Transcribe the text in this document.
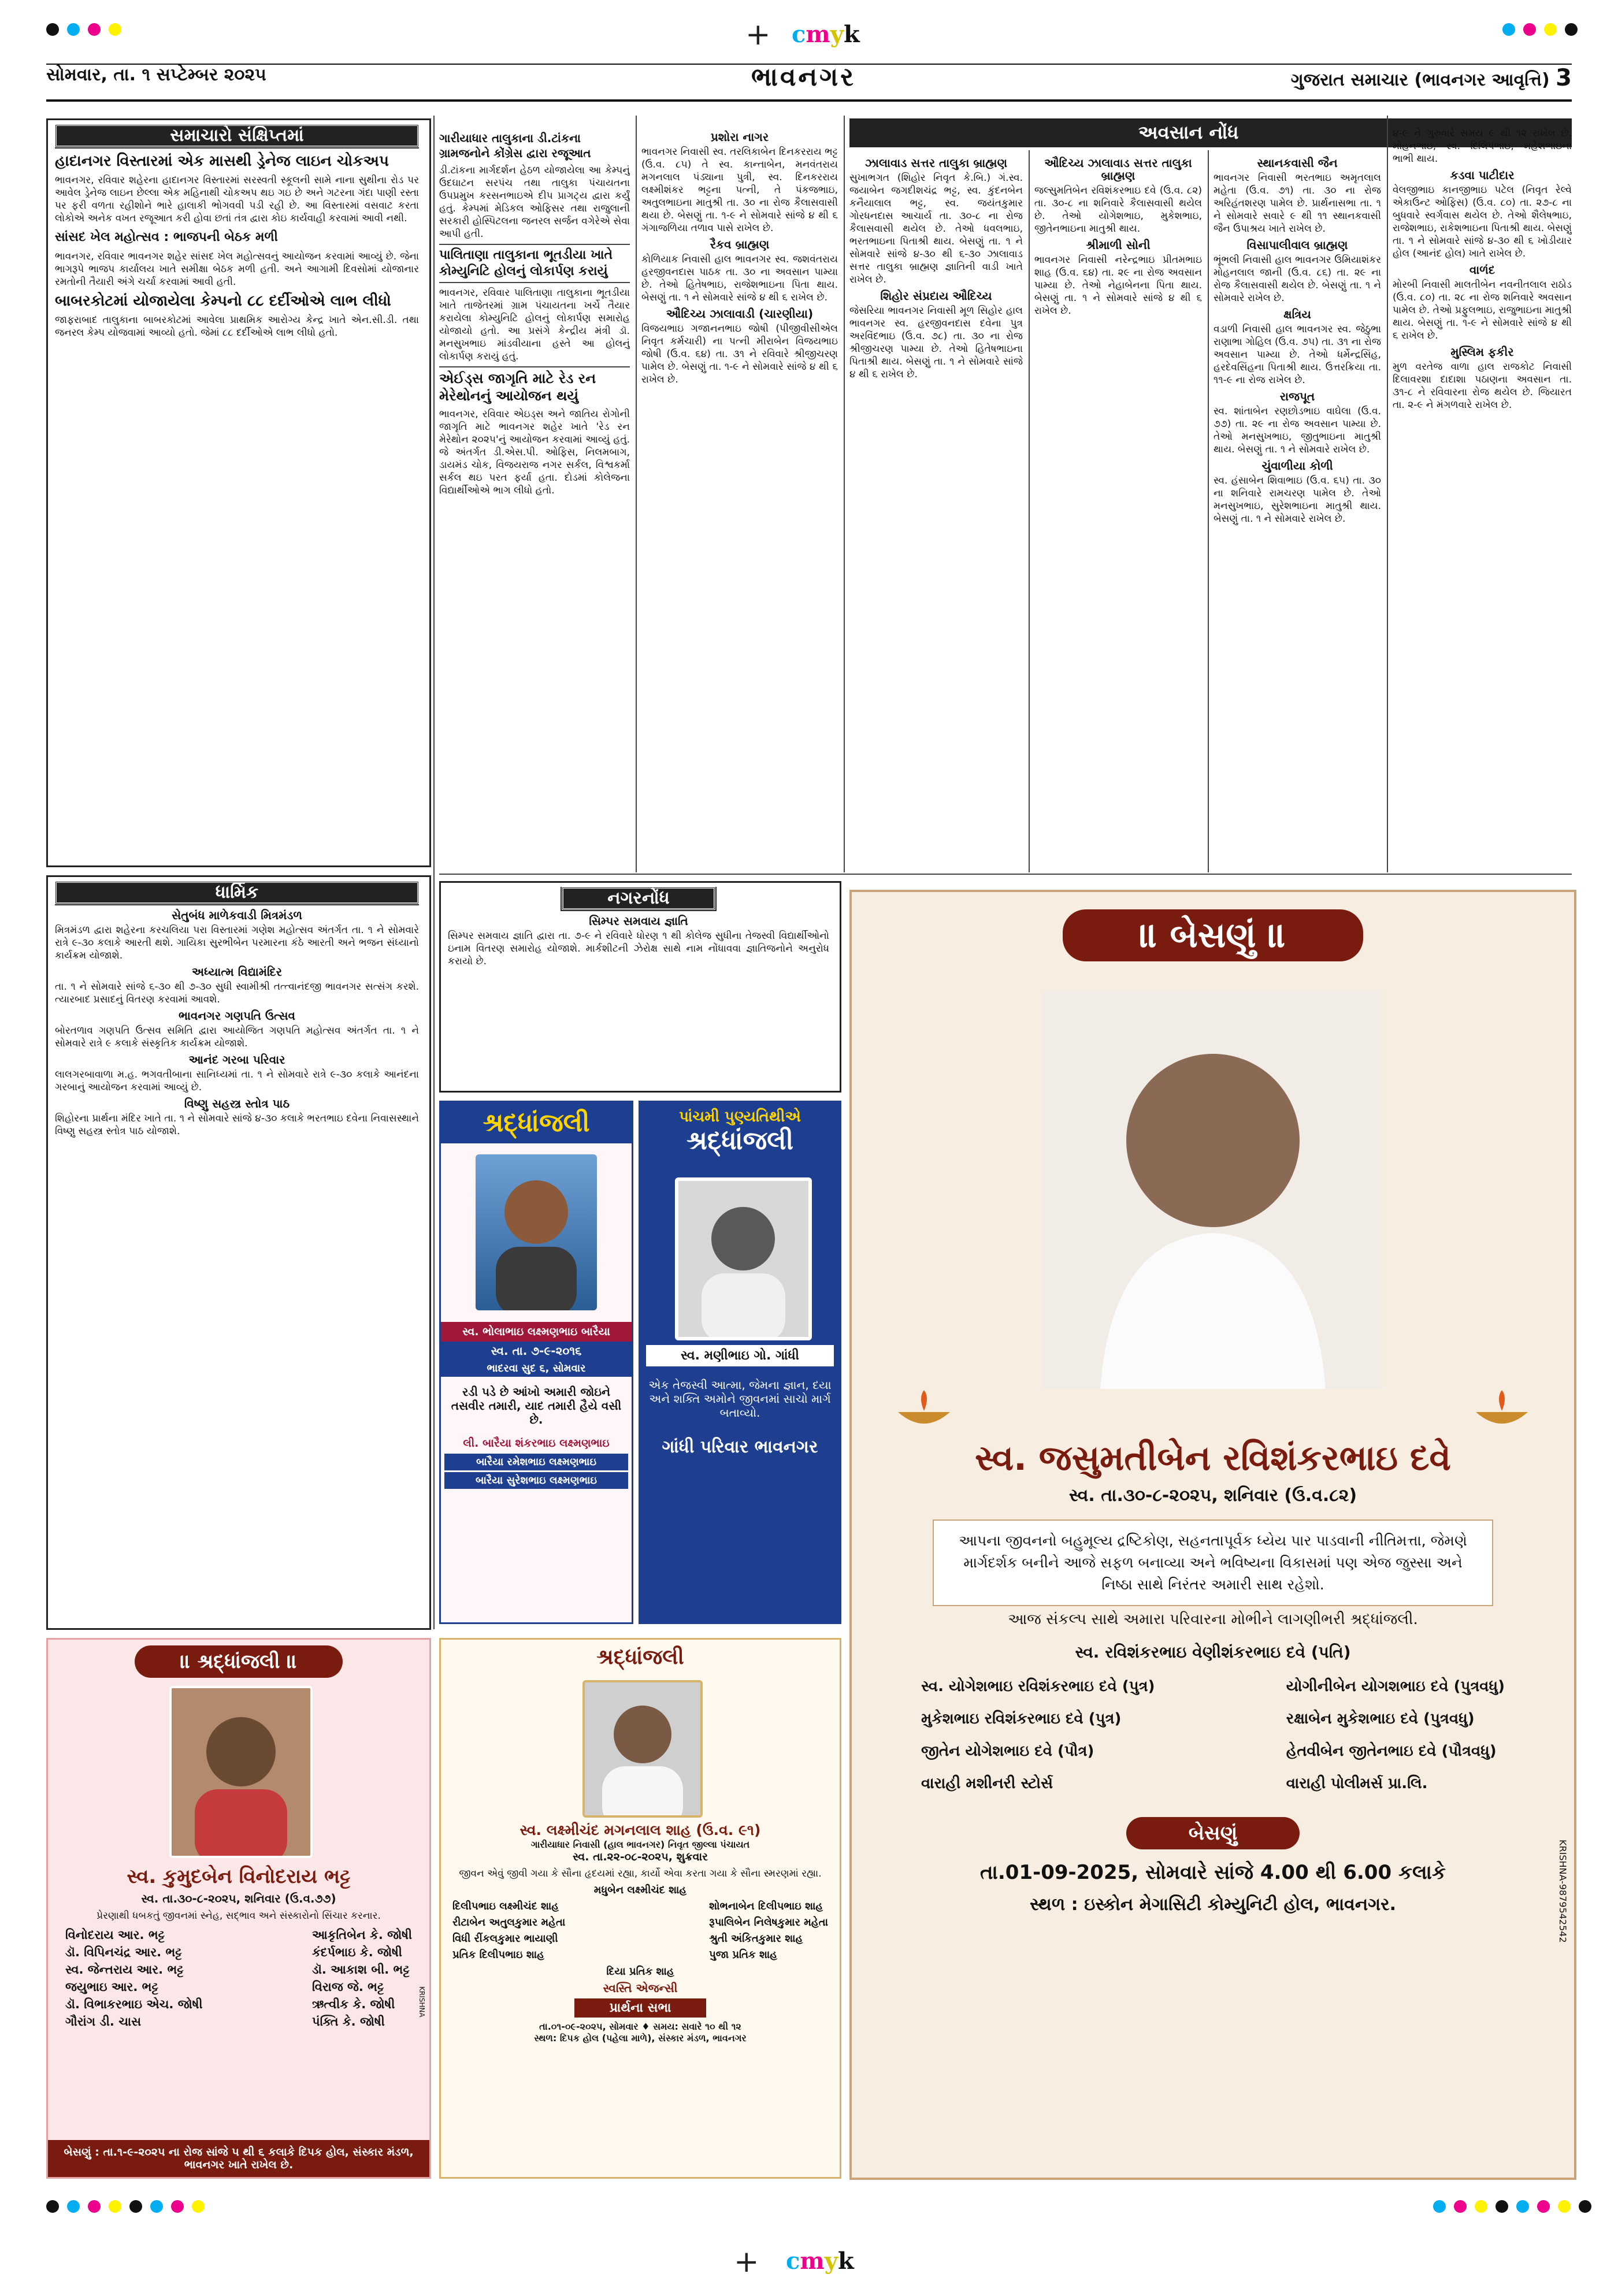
+ cmyk
+ cmyk
સોમવાર, તા. ૧ સપ્ટેમ્બર ૨૦૨૫	ભાવનગર	ગુજરાત સમાચાર (ભાવનગર આવૃત્તિ) 3
સમાચારો સંક્ષિપ્તમાં
હાદાનગર વિસ્તારમાં એક માસથી ડ્રેનેજ લાઇન ચોકઅપ

ભાવનગર, રવિવાર શહેરના હાદાનગર વિસ્તારમાં સરસ્વતી સ્કૂલની સામે નાના સુથીના રોડ પર આવેલ ડ્રેનેજ લાઇન છેલ્લા એક મહિનાથી ચોકઅપ થઇ ગઇ છે અને ગટરના ગંદા પાણી રસ્તા પર ફરી વળતા રહીશોને ભારે હાલાકી ભોગવવી પડી રહી છે. આ વિસ્તારમાં વસવાટ કરતા લોકોએ અનેક વખત રજૂઆત કરી હોવા છતાં તંત્ર દ્વારા કોઇ કાર્યવાહી કરવામાં આવી નથી.

સાંસદ ખેલ મહોત્સવ : ભાજપની બેઠક મળી

ભાવનગર, રવિવાર ભાવનગર શહેર સાંસદ ખેલ મહોત્સવનું આયોજન કરવામાં આવ્યું છે. જેના ભાગરૂપે ભાજપ કાર્યાલય ખાતે સમીક્ષા બેઠક મળી હતી. અને આગામી દિવસોમાં યોજાનાર રમતોની તૈયારી અંગે ચર્ચા કરવામાં આવી હતી.

બાબરકોટમાં યોજાયેલા કેમ્પનો ૮૮ દર્દીઓએ લાભ લીધો

જાફરાબાદ તાલુકાના બાબરકોટમાં આવેલા પ્રાથમિક આરોગ્ય કેન્દ્ર ખાતે એન.સી.ડી. તથા જનરલ કેમ્પ યોજવામાં આવ્યો હતો. જેમાં ૮૮ દર્દીઓએ લાભ લીધો હતો.

ધાર્મિક
સેતુબંધ માળેકવાડી મિત્રમંડળ

મિત્રમંડળ દ્વારા શહેરના કરચલિયા પરા વિસ્તારમાં ગણેશ મહોત્સવ અંતર્ગત તા. ૧ ને સોમવારે રાત્રે ૯-૩૦ કલાકે આરતી થશે. ગાયિકા સુરભીબેન પરમારના કંઠે આરતી અને ભજન સંધ્યાનો કાર્યક્રમ યોજાશે.

અધ્યાત્મ વિદ્યામંદિર

તા. ૧ ને સોમવારે સાંજે ૬-૩૦ થી ૭-૩૦ સુધી સ્વામીશ્રી તત્ત્વાનંદજી ભાવનગર સત્સંગ કરશે. ત્યારબાદ પ્રસાદનું વિતરણ કરવામાં આવશે.

ભાવનગર ગણપતિ ઉત્સવ

બોરતળાવ ગણપતિ ઉત્સવ સમિતિ દ્વારા આયોજિત ગણપતિ મહોત્સવ અંતર્ગત તા. ૧ ને સોમવારે રાત્રે ૯ કલાકે સંસ્કૃતિક કાર્યક્રમ યોજાશે.

આનંદ ગરબા પરિવાર

લાલગરબાવાળા મ.હ. ભગવતીબાના સાનિધ્યમાં તા. ૧ ને સોમવારે રાત્રે ૯-૩૦ કલાકે આનંદના ગરબાનું આયોજન કરવામાં આવ્યું છે.

વિષ્ણુ સહસ્ત્ર સ્તોત્ર પાઠ

શિહોરના પ્રાર્થના મંદિર ખાતે તા. ૧ ને સોમવારે સાંજે ૪-૩૦ કલાકે ભરતભાઇ દવેના નિવાસસ્થાને વિષ્ણુ સહસ્ત્ર સ્તોત્ર પાઠ યોજાશે.

ગારીયાધાર તાલુકાના ડી.ટાંકના ગ્રામજનોને કોંગ્રેસ દ્વારા રજૂઆત

ડી.ટાંકના માર્ગદર્શન હેઠળ યોજાયેલા આ કેમ્પનું ઉદઘાટન સરપંચ તથા તાલુકા પંચાયતના ઉપપ્રમુખ કરસનભાઇએ દીપ પ્રાગટ્ય દ્વારા કર્યું હતું. કેમ્પમાં મેડિકલ ઓફિસર તથા રાજુલાની સરકારી હોસ્પિટલના જનરલ સર્જન વગેરેએ સેવા આપી હતી.

પાલિતાણા તાલુકાના ભૂતડીયા ખાતે કોમ્યુનિટિ હોલનું લોકાર્પણ કરાયું

ભાવનગર, રવિવાર પાલિતાણા તાલુકાના ભૂતડીયા ખાતે તાજેતરમાં ગ્રામ પંચાયતના ખર્ચે તૈયાર કરાયેલા કોમ્યુનિટિ હોલનું લોકાર્પણ સમારોહ યોજાયો હતો. આ પ્રસંગે કેન્દ્રીય મંત્રી ડૉ. મનસુખભાઇ માંડવીયાના હસ્તે આ હોલનું લોકાર્પણ કરાયું હતું.

એઈડ્સ જાગૃતિ માટે રેડ રન મેરેથોનનું આયોજન થયું

ભાવનગર, રવિવાર એઇડ્સ અને જાતિય રોગોની જાગૃતિ માટે ભાવનગર શહેર ખાતે 'રેડ રન મેરેથોન ૨૦૨૫'નું આયોજન કરવામાં આવ્યું હતું. જે અંતર્ગત ડી.એસ.પી. ઓફિસ, નિલમબાગ, ડાયમંડ ચોક, વિજયરાજ નગર સર્કલ, વિશ્વકર્મા સર્કલ થઇ પરત ફર્યા હતા. દોડમાં કોલેજના વિદ્યાર્થીઓએ ભાગ લીધો હતો.

પ્રશોરા નાગર

ભાવનગર નિવાસી સ્વ. તરલિકાબેન દિનકરરાય ભટ્ટ (ઉ.વ. ૮૫) તે સ્વ. કાન્તાબેન, મનવંતરાય મગનલાલ પંડ્યાના પુત્રી, સ્વ. દિનકરરાય લક્ષ્મીશંકર ભટ્ટના પત્ની, તે પંકજભાઇ, અતુલભાઇના માતુશ્રી તા. ૩૦ ના રોજ કૈલાસવાસી થયા છે. બેસણું તા. ૧-૯ ને સોમવારે સાંજે ૪ થી ૬ ગંગાજળિયા તળાવ પાસે રાખેલ છે.

રૈકવ બ્રાહ્મણ

કોળિયાક નિવાસી હાલ ભાવનગર સ્વ. જશવંતરાય હરજીવનદાસ પાઠક તા. ૩૦ ના અવસાન પામ્યા છે. તેઓ હિતેષભાઇ, રાજેશભાઇના પિતા થાય. બેસણું તા. ૧ ને સોમવારે સાંજે ૪ થી ૬ રાખેલ છે.

ઔદિચ્ય ઝાલાવાડી (ચારણીયા)

વિજયભાઇ ગજાનનભાઇ જોષી (પીજીવીસીએલ નિવૃત કર્મચારી) ના પત્ની મીરાબેન વિજયભાઇ જોષી (ઉ.વ. ૬૪) તા. ૩૧ ને રવિવારે શ્રીજીચરણ પામેલ છે. બેસણું તા. ૧-૯ ને સોમવારે સાંજે ૪ થી ૬ રાખેલ છે.

નગરનોંધ
સિમ્પર સમવાય જ્ઞાતિ

સિમ્પર સમવાય જ્ઞાતિ દ્વારા તા. ૭-૯ ને રવિવારે ધોરણ ૧ થી કોલેજ સુધીના તેજસ્વી વિદ્યાર્થીઓનો ઇનામ વિતરણ સમારોહ યોજાશે. માર્કશીટની ઝેરોક્ષ સાથે નામ નોંધાવવા જ્ઞાતિજનોને અનુરોધ કરાયો છે.

અવસાન નોંધ
ઝાલાવાડ સત્તર તાલુકા બ્રાહ્મણ

સુખાભગત (શિહોર નિવૃત કે.બિ.) ગં.સ્વ. જયાબેન જગદીશચંદ્ર ભટ્ટ, સ્વ. કુંદનબેન કનૈયાલાલ ભટ્ટ, સ્વ. જયંતકુમાર ગોરધનદાસ આચાર્ય તા. ૩૦-૮ ના રોજ કૈલાસવાસી થયેલ છે. તેઓ ધવલભાઇ, ભરતભાઇના પિતાશ્રી થાય. બેસણું તા. ૧ ને સોમવારે સાંજે ૪-૩૦ થી ૬-૩૦ ઝાલાવાડ સત્તર તાલુકા બ્રાહ્મણ જ્ઞાતિની વાડી ખાતે રાખેલ છે.

શિહોર સંપ્રદાય ઔદિચ્ય

જેસરિયા ભાવનગર નિવાસી મૂળ સિહોર હાલ ભાવનગર સ્વ. હરજીવનદાસ દવેના પુત્ર અરવિંદભાઇ (ઉ.વ. ૭૮) તા. ૩૦ ના રોજ શ્રીજીચરણ પામ્યા છે. તેઓ હિતેષભાઇના પિતાશ્રી થાય. બેસણું તા. ૧ ને સોમવારે સાંજે ૪ થી ૬ રાખેલ છે.

ઔદિચ્ય ઝાલાવાડ સત્તર તાલુકા બ્રાહ્મણ

જલ્સુમતિબેન રવિશંકરભાઇ દવે (ઉ.વ. ૮૨) તા. ૩૦-૮ ના શનિવારે કૈલાસવાસી થયેલ છે. તેઓ યોગેશભાઇ, મુકેશભાઇ, જીતેનભાઇના માતુશ્રી થાય.

શ્રીમાળી સોની

ભાવનગર નિવાસી નરેન્દ્રભાઇ પ્રીતમભાઇ શાહ (ઉ.વ. ૬૪) તા. ૨૯ ના રોજ અવસાન પામ્યા છે. તેઓ નેહાબેનના પિતા થાય. બેસણું તા. ૧ ને સોમવારે સાંજે ૪ થી ૬ રાખેલ છે.

સ્થાનકવાસી જૈન

ભાવનગર નિવાસી ભરતભાઇ અમૃતલાલ મહેતા (ઉ.વ. ૭૧) તા. ૩૦ ના રોજ અરિહંતશરણ પામેલ છે. પ્રાર્થનાસભા તા. ૧ ને સોમવારે સવારે ૯ થી ૧૧ સ્થાનકવાસી જૈન ઉપાશ્રય ખાતે રાખેલ છે.

વિસાપાલીવાલ બ્રાહ્મણ

ભૂંભલી નિવાસી હાલ ભાવનગર ઉમિયાશંકર મોહનલાલ જાની (ઉ.વ. ૮૬) તા. ૨૯ ના રોજ કૈલાસવાસી થયેલ છે. બેસણું તા. ૧ ને સોમવારે રાખેલ છે.

ક્ષત્રિય

વડાળી નિવાસી હાલ ભાવનગર સ્વ. જેઠુભા રાણાભા ગોહિલ (ઉ.વ. ૭૫) તા. ૩૧ ના રોજ અવસાન પામ્યા છે. તેઓ ધર્મેન્દ્રસિંહ, હરદેવસિંહના પિતાશ્રી થાય. ઉત્તરક્રિયા તા. ૧૧-૯ ના રોજ રાખેલ છે.

રાજપૂત

સ્વ. શાંતાબેન રણછોડભાઇ વાઘેલા (ઉ.વ. ૭૭) તા. ૨૯ ના રોજ અવસાન પામ્યા છે. તેઓ મનસુખભાઇ, જીતુભાઇના માતુશ્રી થાય. બેસણું તા. ૧ ને સોમવારે રાખેલ છે.

ચુંવાળીયા કોળી

સ્વ. હંસાબેન શિવાભાઇ (ઉ.વ. ૬૫) તા. ૩૦ ના શનિવારે રામચરણ પામેલ છે. તેઓ મનસુખભાઇ, સુરેશભાઇના માતુશ્રી થાય. બેસણું તા. ૧ ને સોમવારે રાખેલ છે.

૪-૯ ને ગુરુવારે સમય ૯ થી ૧૨ રાખેલ છે. મોહનભાઇ, સ્વ. દિલિપભાઇ, મહેશભાઇના ભાભી થાય.

કડવા પાટીદાર

વેલજીભાઇ કાનજીભાઇ પટેલ (નિવૃત રેલ્વે એકાઉન્ટ ઓફિસ) (ઉ.વ. ૮૦) તા. ૨૭-૮ ના બુધવારે સ્વર્ગવાસ થયેલ છે. તેઓ શૈલેષભાઇ, રાજેશભાઇ, રાકેશભાઇના પિતાશ્રી થાય. બેસણું તા. ૧ ને સોમવારે સાંજે ૪-૩૦ થી ૬ ખોડીયાર હોલ (આનંદ હોલ) ખાતે રાખેલ છે.

વાળંદ

મોરબી નિવાસી માલતીબેન નવનીતલાલ રાઠોડ (ઉ.વ. ૮૦) તા. ૨૮ ના રોજ શનિવારે અવસાન પામેલ છે. તેઓ પ્રફુલભાઇ, રાજુભાઇના માતુશ્રી થાય. બેસણું તા. ૧-૯ ને સોમવારે સાંજે ૪ થી ૬ રાખેલ છે.

મુસ્લિમ ફકીર

મુળ વરતેજ વાળા હાલ રાજકોટ નિવાસી દિલાવરશા દાદાશા પઠાણના અવસાન તા. ૩૧-૮ ને રવિવારના રોજ થયેલ છે. જિયારત તા. ૨-૯ ને મંગળવારે રાખેલ છે.

શ્રદ્ધાંજલી
સ્વ. ભોલાભાઇ લક્ષ્મણભાઇ બારૈયા
સ્વ. તા. ૭-૯-૨૦૧૬
ભાદરવા સુદ ૬, સોમવાર
રડી પડે છે આંખો અમારી જોઇને તસવીર તમારી, યાદ તમારી હૈયે વસી છે.
લી. બારૈયા શંકરભાઇ લક્ષ્મણભાઇ
બારૈયા રમેશભાઇ લક્ષ્મણભાઇ
બારૈયા સુરેશભાઇ લક્ષ્મણભાઇ
પાંચમી પુણ્યતિથીએ
શ્રદ્ધાંજલી
સ્વ. મણીભાઇ ગો. ગાંધી
એક તેજસ્વી આત્મા, જેમના જ્ઞાન, દયા અને શક્તિ અમોને જીવનમાં સાચો માર્ગ બતાવ્યો.
ગાંધી પરિવાર ભાવનગર
॥ શ્રદ્ધાંજલી ॥
સ્વ. કુમુદબેન વિનોદરાય ભટ્ટ
સ્વ. તા.૩૦-૮-૨૦૨૫, શનિવાર (ઉ.વ.૭૭)
પ્રેરણાથી ધબકતું જીવનમાં સ્નેહ, સદ્ભાવ અને સંસ્કારોનો સિંચાર કરનાર.
વિનોદરાય આર. ભટ્ટ
ડૉ. વિપિનચંદ્ર આર. ભટ્ટ
સ્વ. જેન્તરાય આર. ભટ્ટ
જયુભાઇ આર. ભટ્ટ
ડૉ. વિભાકરભાઇ એચ. જોષી
ગૌરાંગ ડી. ચાસ
આકૃતિબેન કે. જોષી
કંદર્પભાઇ કે. જોષી
ડૉ. આકાશ બી. ભટ્ટ
વિરાજ જે. ભટ્ટ
ઋત્વીક કે. જોષી
પંક્તિ કે. જોષી
બેસણું : તા.૧-૯-૨૦૨૫ ના રોજ સાંજે ૫ થી ૬ કલાકે દિપક હોલ, સંસ્કાર મંડળ, ભાવનગર ખાતે રાખેલ છે.
KRISHNA
શ્રદ્ધાંજલી
સ્વ. લક્ષ્મીચંદ મગનલાલ શાહ (ઉ.વ. ૯૧)
ગારીયાધાર નિવાસી (હાલ ભાવનગર) નિવૃત જીલ્લા પંચાયત
સ્વ. તા.૨૨-૦૮-૨૦૨૫, શુક્રવાર
જીવન એવું જીવી ગયા કે સૌના હૃદયમાં રહ્યા, કાર્યો એવા કરતા ગયા કે સૌના સ્મરણમાં રહ્યા.
મધુબેન લક્ષ્મીચંદ શાહ
દિલીપભાઇ લક્ષ્મીચંદ શાહ
રીટાબેન અતુલકુમાર મહેતા
વિધી રીંકલકુમાર ભાયાણી
પ્રતિક દિલીપભાઇ શાહ
શોભનાબેન દિલીપભાઇ શાહ
રૂપાલિબેન નિલેષકુમાર મહેતા
શ્રુતી અંકિતકુમાર શાહ
પુજા પ્રતિક શાહ
દિયા પ્રતિક શાહ
સ્વસ્તિ એજન્સી
પ્રાર્થના સભા
તા.૦૧-૦૯-૨૦૨૫, સોમવાર ♦ સમય: સવારે ૧૦ થી ૧૨
સ્થળ: દિપક હોલ (પહેલા માળે), સંસ્કાર મંડળ, ભાવનગર
॥ બેસણું ॥
સ્વ. જસુમતીબેન રવિશંકરભાઇ દવે
સ્વ. તા.૩૦-૮-૨૦૨૫, શનિવાર (ઉ.વ.૮૨)
આપના જીવનનો બહુમૂલ્ય દ્રષ્ટિકોણ, સહનતાપૂર્વક ધ્યેય પાર પાડવાની નીતિમત્તા, જેમણે માર્ગદર્શક બનીને આજે સફળ બનાવ્યા અને ભવિષ્યના વિકાસમાં પણ એજ જુસ્સા અને નિષ્ઠા સાથે નિરંતર અમારી સાથ રહેશો.
આજ સંકલ્પ સાથે અમારા પરિવારના મોભીને લાગણીભરી શ્રદ્ધાંજલી.
સ્વ. રવિશંકરભાઇ વેણીશંકરભાઇ દવે (પતિ)
સ્વ. યોગેશભાઇ રવિશંકરભાઇ દવે (પુત્ર)
મુકેશભાઇ રવિશંકરભાઇ દવે (પુત્ર)
જીતેન યોગેશભાઇ દવે (પૌત્ર)
વારાહી મશીનરી સ્ટોર્સ
યોગીનીબેન યોગશભાઇ દવે (પુત્રવધુ)
રક્ષાબેન મુકેશભાઇ દવે (પુત્રવધુ)
હેતવીબેન જીતેનભાઇ દવે (પૌત્રવધુ)
વારાહી પોલીમર્સ પ્રા.લિ.
બેસણું
તા.01-09-2025, સોમવારે સાંજે 4.00 થી 6.00 કલાકે
સ્થળ : ઇસ્કોન મેગાસિટી કોમ્યુનિટી હોલ, ભાવનગર.	KRISHNA-9879542542
